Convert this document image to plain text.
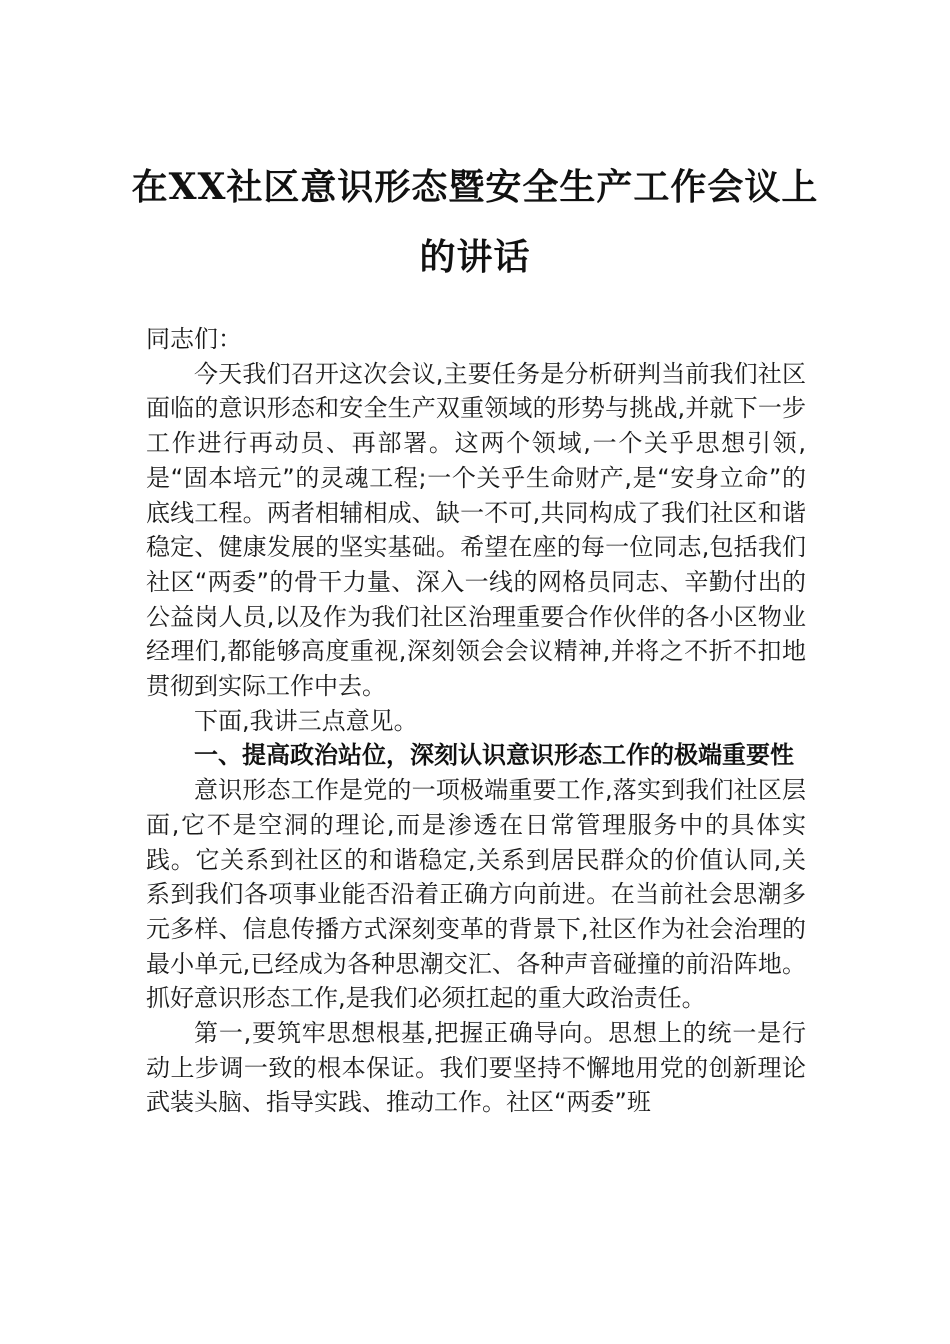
在XX社区意识形态暨安全生产工作会议上
的讲话

同志们：

今天我们召开这次会议,主要任务是分析研判当前我们社区面临的意识形态和安全生产双重领域的形势与挑战,并就下一步工作进行再动员、再部署。这两个领域,一个关乎思想引领,是“固本培元”的灵魂工程;一个关乎生命财产,是“安身立命”的底线工程。两者相辅相成、缺一不可,共同构成了我们社区和谐稳定、健康发展的坚实基础。希望在座的每一位同志,包括我们社区“两委”的骨干力量、深入一线的网格员同志、辛勤付出的公益岗人员,以及作为我们社区治理重要合作伙伴的各小区物业经理们,都能够高度重视,深刻领会会议精神,并将之不折不扣地贯彻到实际工作中去。

下面,我讲三点意见。

一、提高政治站位，深刻认识意识形态工作的极端重要性

意识形态工作是党的一项极端重要工作,落实到我们社区层面,它不是空洞的理论,而是渗透在日常管理服务中的具体实践。它关系到社区的和谐稳定,关系到居民群众的价值认同,关系到我们各项事业能否沿着正确方向前进。在当前社会思潮多元多样、信息传播方式深刻变革的背景下,社区作为社会治理的最小单元,已经成为各种思潮交汇、各种声音碰撞的前沿阵地。抓好意识形态工作,是我们必须扛起的重大政治责任。

第一,要筑牢思想根基,把握正确导向。思想上的统一是行动上步调一致的根本保证。我们要坚持不懈地用党的创新理论武装头脑、指导实践、推动工作。社区“两委”班
